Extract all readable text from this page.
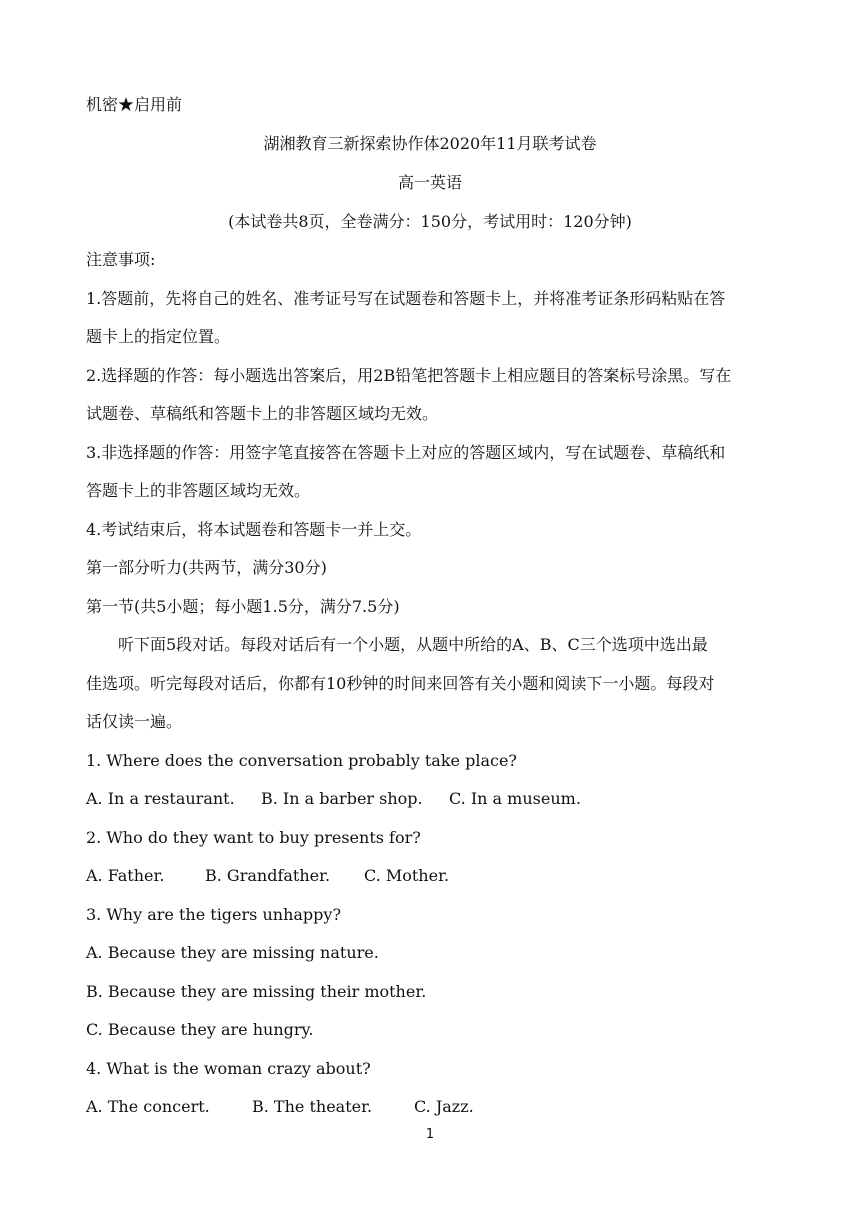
机密★启用前
湖湘教育三新探索协作体2020年11月联考试卷
高一英语
(本试卷共8页，全卷满分：150分，考试用时：120分钟)
注意事项:
1.答题前，先将自己的姓名、准考证号写在试题卷和答题卡上，并将准考证条形码粘贴在答
题卡上的指定位置。
2.选择题的作答：每小题选出答案后，用2B铅笔把答题卡上相应题目的答案标号涂黑。写在
试题卷、草稿纸和答题卡上的非答题区域均无效。
3.非选择题的作答：用签字笔直接答在答题卡上对应的答题区域内，写在试题卷、草稿纸和
答题卡上的非答题区域均无效。
4.考试结束后，将本试题卷和答题卡一并上交。
第一部分听力(共两节，满分30分)
第一节(共5小题；每小题1.5分，满分7.5分)
听下面5段对话。每段对话后有一个小题，从题中所给的A、B、C三个选项中选出最
佳选项。听完每段对话后，你都有10秒钟的时间来回答有关小题和阅读下一小题。每段对
话仅读一遍。
1. Where does the conversation probably take place?
A. In a restaurant. B. In a barber shop. C. In a museum.
2. Who do they want to buy presents for?
A. Father.	B. Grandfather. C. Mother.
3. Why are the tigers unhappy?
A. Because they are missing nature.
B. Because they are missing their mother.
C. Because they are hungry.
4. What is the woman crazy about?
A. The concert.	B. The theater.	C. Jazz.
1
